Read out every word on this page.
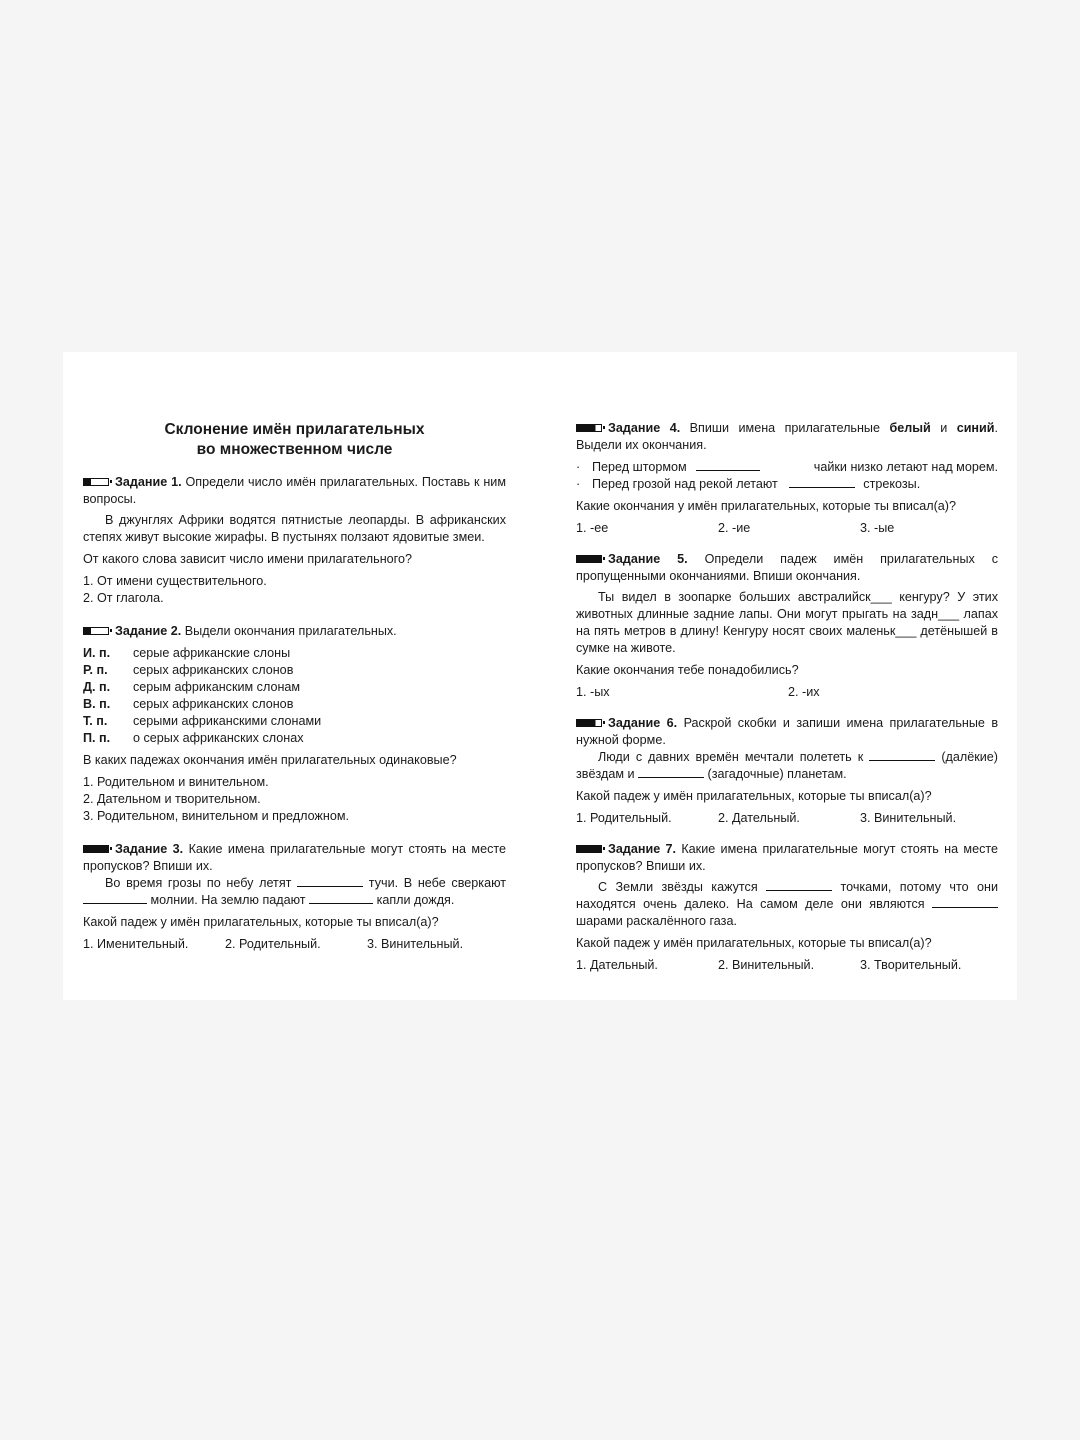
Склонение имён прилагательных
во множественном числе

Задание 1. Определи число имён прилагательных. Поставь к ним вопросы.

В джунглях Африки водятся пятнистые леопарды. В африканских степях живут высокие жирафы. В пустынях ползают ядовитые змеи.

От какого слова зависит число имени прилагательного?

1. От имени существительного.
2. От глагола.

Задание 2. Выдели окончания прилагательных.

И. п.	серые африканские слоны
Р. п.	серых африканских слонов
Д. п.	серым африканским слонам
В. п.	серых африканских слонов
Т. п.	серыми африканскими слонами
П. п.	о серых африканских слонах

В каких падежах окончания имён прилагательных одинаковые?

1. Родительном и винительном.
2. Дательном и творительном.
3. Родительном, винительном и предложном.

Задание 3. Какие имена прилагательные могут стоять на месте пропусков? Впиши их.

Во время грозы по небу летят	тучи. В небе сверкают  молнии. На землю падают	капли дождя.

Какой падеж у имён прилагательных, которые ты вписал(а)?

1. Именительный.	2. Родительный.	3. Винительный.

Задание 4. Впиши имена прилагательные белый и синий. Выдели их окончания.

· Перед штормом	чайки низко летают над морем.
· Перед грозой над рекой летают	стрекозы.

Какие окончания у имён прилагательных, которые ты вписал(а)?

1. -ее	2. -ие	3. -ые

Задание 5. Определи падеж имён прилагательных с пропущенными окончаниями. Впиши окончания.

Ты видел в зоопарке больших австралийск___ кенгуру? У этих животных длинные задние лапы. Они могут прыгать на задн___ лапах на пять метров в длину! Кенгуру носят своих маленьк___ детёнышей в сумке на животе.

Какие окончания тебе понадобились?

1. -ых	2. -их

Задание 6. Раскрой скобки и запиши имена прилагательные в нужной форме.

Люди с давних времён мечтали полететь к	(далёкие) звёздам и	(загадочные) планетам.

Какой падеж у имён прилагательных, которые ты вписал(а)?

1. Родительный.	2. Дательный.	3. Винительный.

Задание 7. Какие имена прилагательные могут стоять на месте пропусков? Впиши их.

С Земли звёзды кажутся	точками, потому что они находятся очень далеко. На самом деле они являются  шарами раскалённого газа.

Какой падеж у имён прилагательных, которые ты вписал(а)?

1. Дательный.	2. Винительный.	3. Творительный.
